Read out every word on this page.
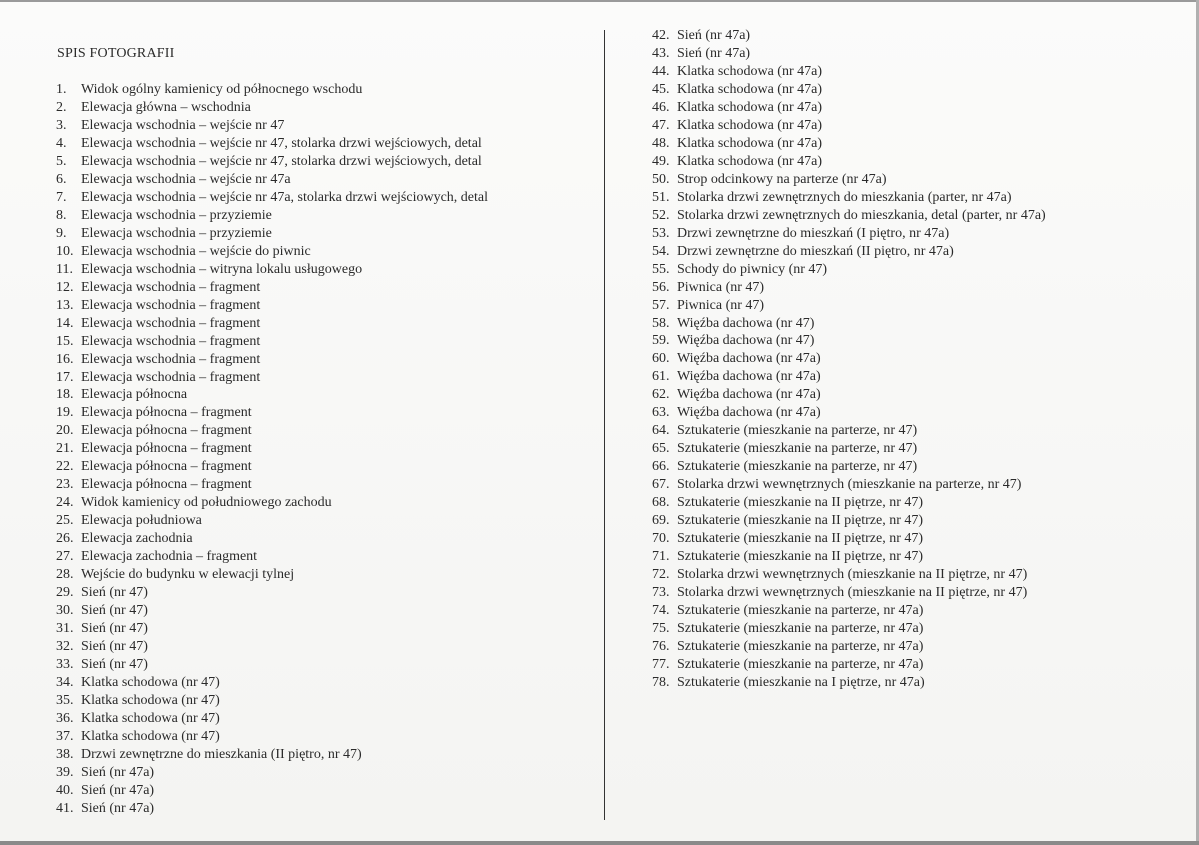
SPIS FOTOGRAFII
1. Widok ogólny kamienicy od północnego wschodu
2. Elewacja główna – wschodnia
3. Elewacja wschodnia – wejście nr 47
4. Elewacja wschodnia – wejście nr 47, stolarka drzwi wejściowych, detal
5. Elewacja wschodnia – wejście nr 47, stolarka drzwi wejściowych, detal
6. Elewacja wschodnia – wejście nr 47a
7. Elewacja wschodnia – wejście nr 47a, stolarka drzwi wejściowych, detal
8. Elewacja wschodnia – przyziemie
9. Elewacja wschodnia – przyziemie
10. Elewacja wschodnia – wejście do piwnic
11. Elewacja wschodnia – witryna lokalu usługowego
12. Elewacja wschodnia – fragment
13. Elewacja wschodnia – fragment
14. Elewacja wschodnia – fragment
15. Elewacja wschodnia – fragment
16. Elewacja wschodnia – fragment
17. Elewacja wschodnia – fragment
18. Elewacja północna
19. Elewacja północna – fragment
20. Elewacja północna – fragment
21. Elewacja północna – fragment
22. Elewacja północna – fragment
23. Elewacja północna – fragment
24. Widok kamienicy od południowego zachodu
25. Elewacja południowa
26. Elewacja zachodnia
27. Elewacja zachodnia – fragment
28. Wejście do budynku w elewacji tylnej
29. Sień (nr 47)
30. Sień (nr 47)
31. Sień (nr 47)
32. Sień (nr 47)
33. Sień (nr 47)
34. Klatka schodowa (nr 47)
35. Klatka schodowa (nr 47)
36. Klatka schodowa (nr 47)
37. Klatka schodowa (nr 47)
38. Drzwi zewnętrzne do mieszkania (II piętro, nr 47)
39. Sień (nr 47a)
40. Sień (nr 47a)
41. Sień (nr 47a)
42. Sień (nr 47a)
43. Sień (nr 47a)
44. Klatka schodowa (nr 47a)
45. Klatka schodowa (nr 47a)
46. Klatka schodowa (nr 47a)
47. Klatka schodowa (nr 47a)
48. Klatka schodowa (nr 47a)
49. Klatka schodowa (nr 47a)
50. Strop odcinkowy na parterze (nr 47a)
51. Stolarka drzwi zewnętrznych do mieszkania (parter, nr 47a)
52. Stolarka drzwi zewnętrznych do mieszkania, detal (parter, nr 47a)
53. Drzwi zewnętrzne do mieszkań (I piętro, nr 47a)
54. Drzwi zewnętrzne do mieszkań (II piętro, nr 47a)
55. Schody do piwnicy (nr 47)
56. Piwnica (nr 47)
57. Piwnica (nr 47)
58. Więźba dachowa (nr 47)
59. Więźba dachowa (nr 47)
60. Więźba dachowa (nr 47a)
61. Więźba dachowa (nr 47a)
62. Więźba dachowa (nr 47a)
63. Więźba dachowa (nr 47a)
64. Sztukaterie (mieszkanie na parterze, nr 47)
65. Sztukaterie (mieszkanie na parterze, nr 47)
66. Sztukaterie (mieszkanie na parterze, nr 47)
67. Stolarka drzwi wewnętrznych (mieszkanie na parterze, nr 47)
68. Sztukaterie (mieszkanie na II piętrze, nr 47)
69. Sztukaterie (mieszkanie na II piętrze, nr 47)
70. Sztukaterie (mieszkanie na II piętrze, nr 47)
71. Sztukaterie (mieszkanie na II piętrze, nr 47)
72. Stolarka drzwi wewnętrznych (mieszkanie na II piętrze, nr 47)
73. Stolarka drzwi wewnętrznych (mieszkanie na II piętrze, nr 47)
74. Sztukaterie (mieszkanie na parterze, nr 47a)
75. Sztukaterie (mieszkanie na parterze, nr 47a)
76. Sztukaterie (mieszkanie na parterze, nr 47a)
77. Sztukaterie (mieszkanie na parterze, nr 47a)
78. Sztukaterie (mieszkanie na I piętrze, nr 47a)
